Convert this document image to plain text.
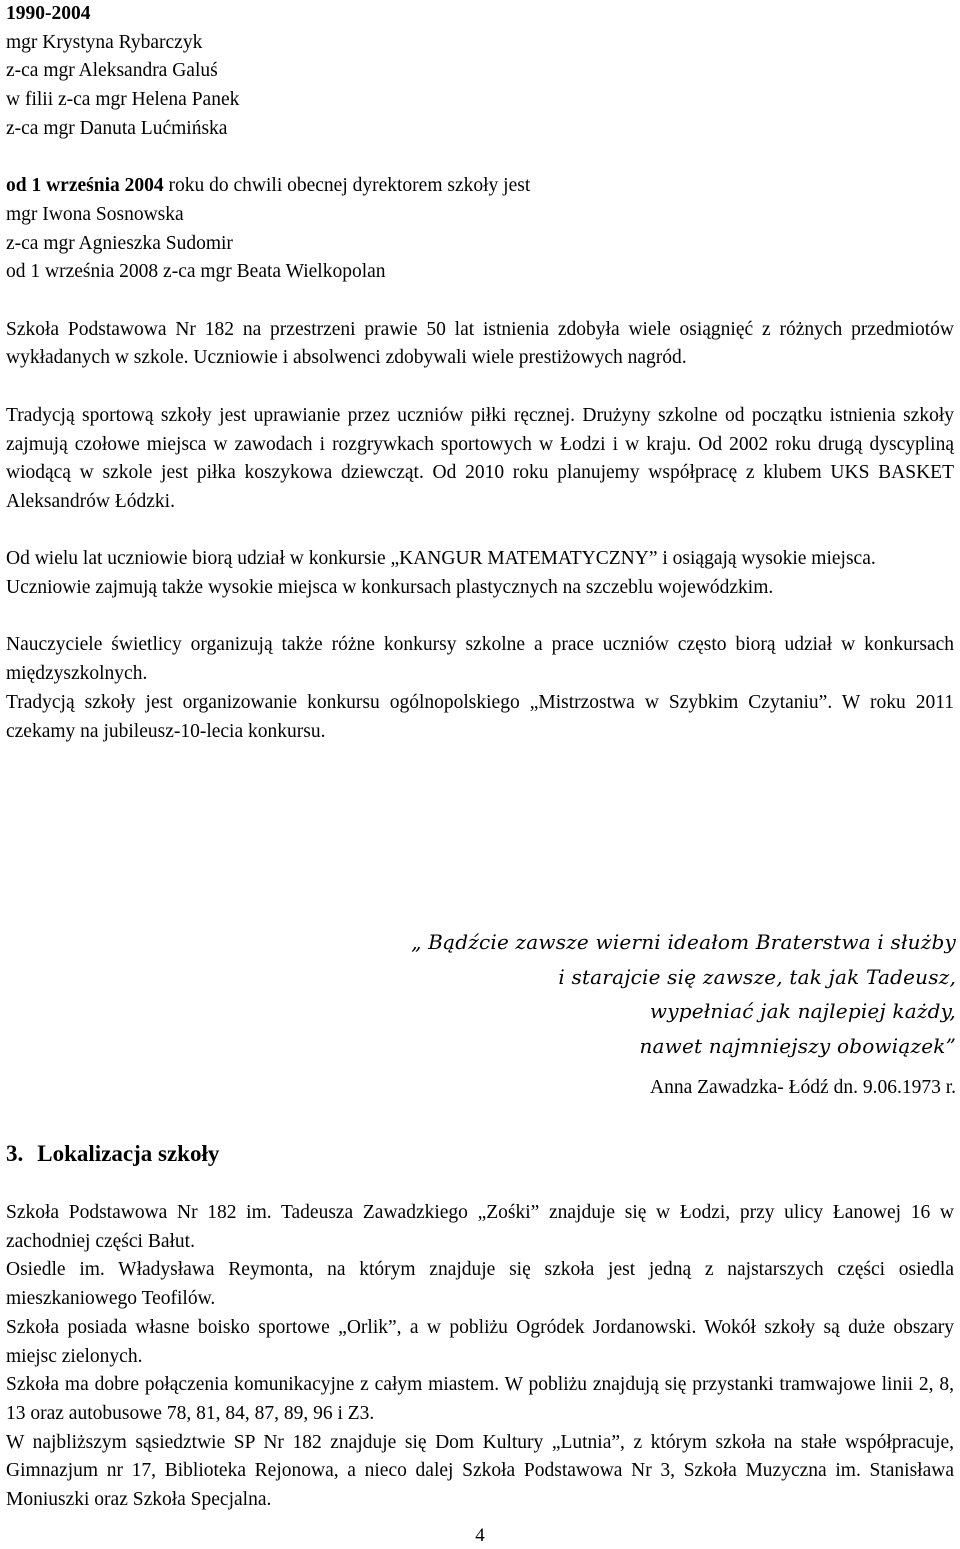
1990-2004
mgr Krystyna Rybarczyk
z-ca mgr Aleksandra Galuś
w filii z-ca mgr Helena Panek
z-ca mgr Danuta Lućmińska
od 1 września 2004 roku do chwili obecnej dyrektorem szkoły jest
mgr Iwona Sosnowska
z-ca mgr Agnieszka Sudomir
od 1 września 2008 z-ca mgr Beata Wielkopolan

Szkoła Podstawowa Nr 182 na przestrzeni prawie 50 lat istnienia zdobyła wiele osiągnięć z różnych przedmiotów wykładanych w szkole. Uczniowie i absolwenci zdobywali wiele prestiżowych nagród.

Tradycją sportową szkoły jest uprawianie przez uczniów piłki ręcznej. Drużyny szkolne od początku istnienia szkoły zajmują czołowe miejsca w zawodach i rozgrywkach sportowych w Łodzi i w kraju. Od 2002 roku drugą dyscypliną wiodącą w szkole jest piłka koszykowa dziewcząt. Od 2010 roku planujemy współpracę z klubem UKS BASKET Aleksandrów Łódzki.

Od wielu lat uczniowie biorą udział w konkursie „KANGUR MATEMATYCZNY” i osiągają wysokie miejsca.

Uczniowie zajmują także wysokie miejsca w konkursach plastycznych na szczeblu wojewódzkim.

Nauczyciele świetlicy organizują także różne konkursy szkolne a prace uczniów często biorą udział w konkursach międzyszkolnych.

Tradycją szkoły jest organizowanie konkursu ogólnopolskiego „Mistrzostwa w Szybkim Czytaniu”. W roku 2011 czekamy na jubileusz-10-lecia konkursu.

„ Bądźcie zawsze wierni ideałom Braterstwa i służby
i starajcie się zawsze, tak jak Tadeusz,
wypełniać jak najlepiej każdy,
nawet najmniejszy obowiązek”
Anna Zawadzka- Łódź dn. 9.06.1973 r.
3. Lokalizacja szkoły

Szkoła Podstawowa Nr 182 im. Tadeusza Zawadzkiego „Zośki” znajduje się w Łodzi, przy ulicy Łanowej 16 w zachodniej części Bałut.

Osiedle im. Władysława Reymonta, na którym znajduje się szkoła jest jedną z najstarszych części osiedla mieszkaniowego Teofilów.

Szkoła posiada własne boisko sportowe „Orlik”, a w pobliżu Ogródek Jordanowski. Wokół szkoły są duże obszary miejsc zielonych.

Szkoła ma dobre połączenia komunikacyjne z całym miastem. W pobliżu znajdują się przystanki tramwajowe linii 2, 8, 13 oraz autobusowe 78, 81, 84, 87, 89, 96 i Z3.

W najbliższym sąsiedztwie SP Nr 182 znajduje się Dom Kultury „Lutnia”, z którym szkoła na stałe współpracuje, Gimnazjum nr 17, Biblioteka Rejonowa, a nieco dalej Szkoła Podstawowa Nr 3, Szkoła Muzyczna im. Stanisława Moniuszki oraz Szkoła Specjalna.

4
